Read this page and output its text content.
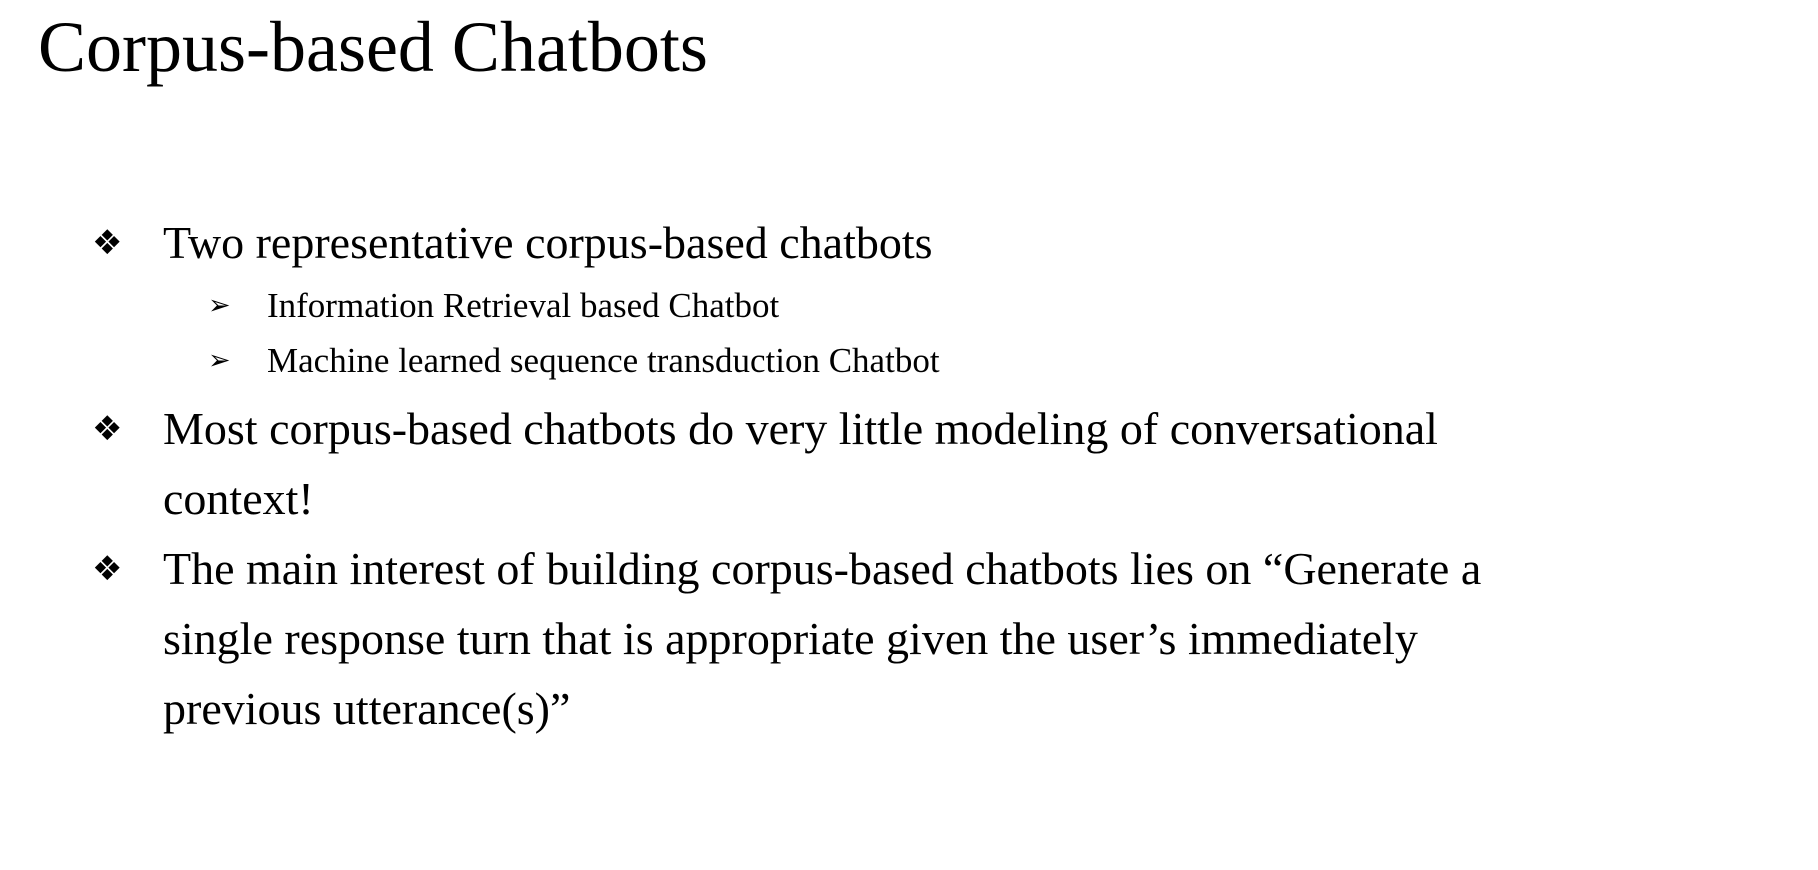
Corpus-based Chatbots
❖ Two representative corpus-based chatbots
➢	Information Retrieval based Chatbot
➢	Machine learned sequence transduction Chatbot
❖ Most corpus-based chatbots do very little modeling of conversational
context!
❖ The main interest of building corpus-based chatbots lies on “Generate a
single response turn that is appropriate given the user’s immediately
previous utterance(s)”
